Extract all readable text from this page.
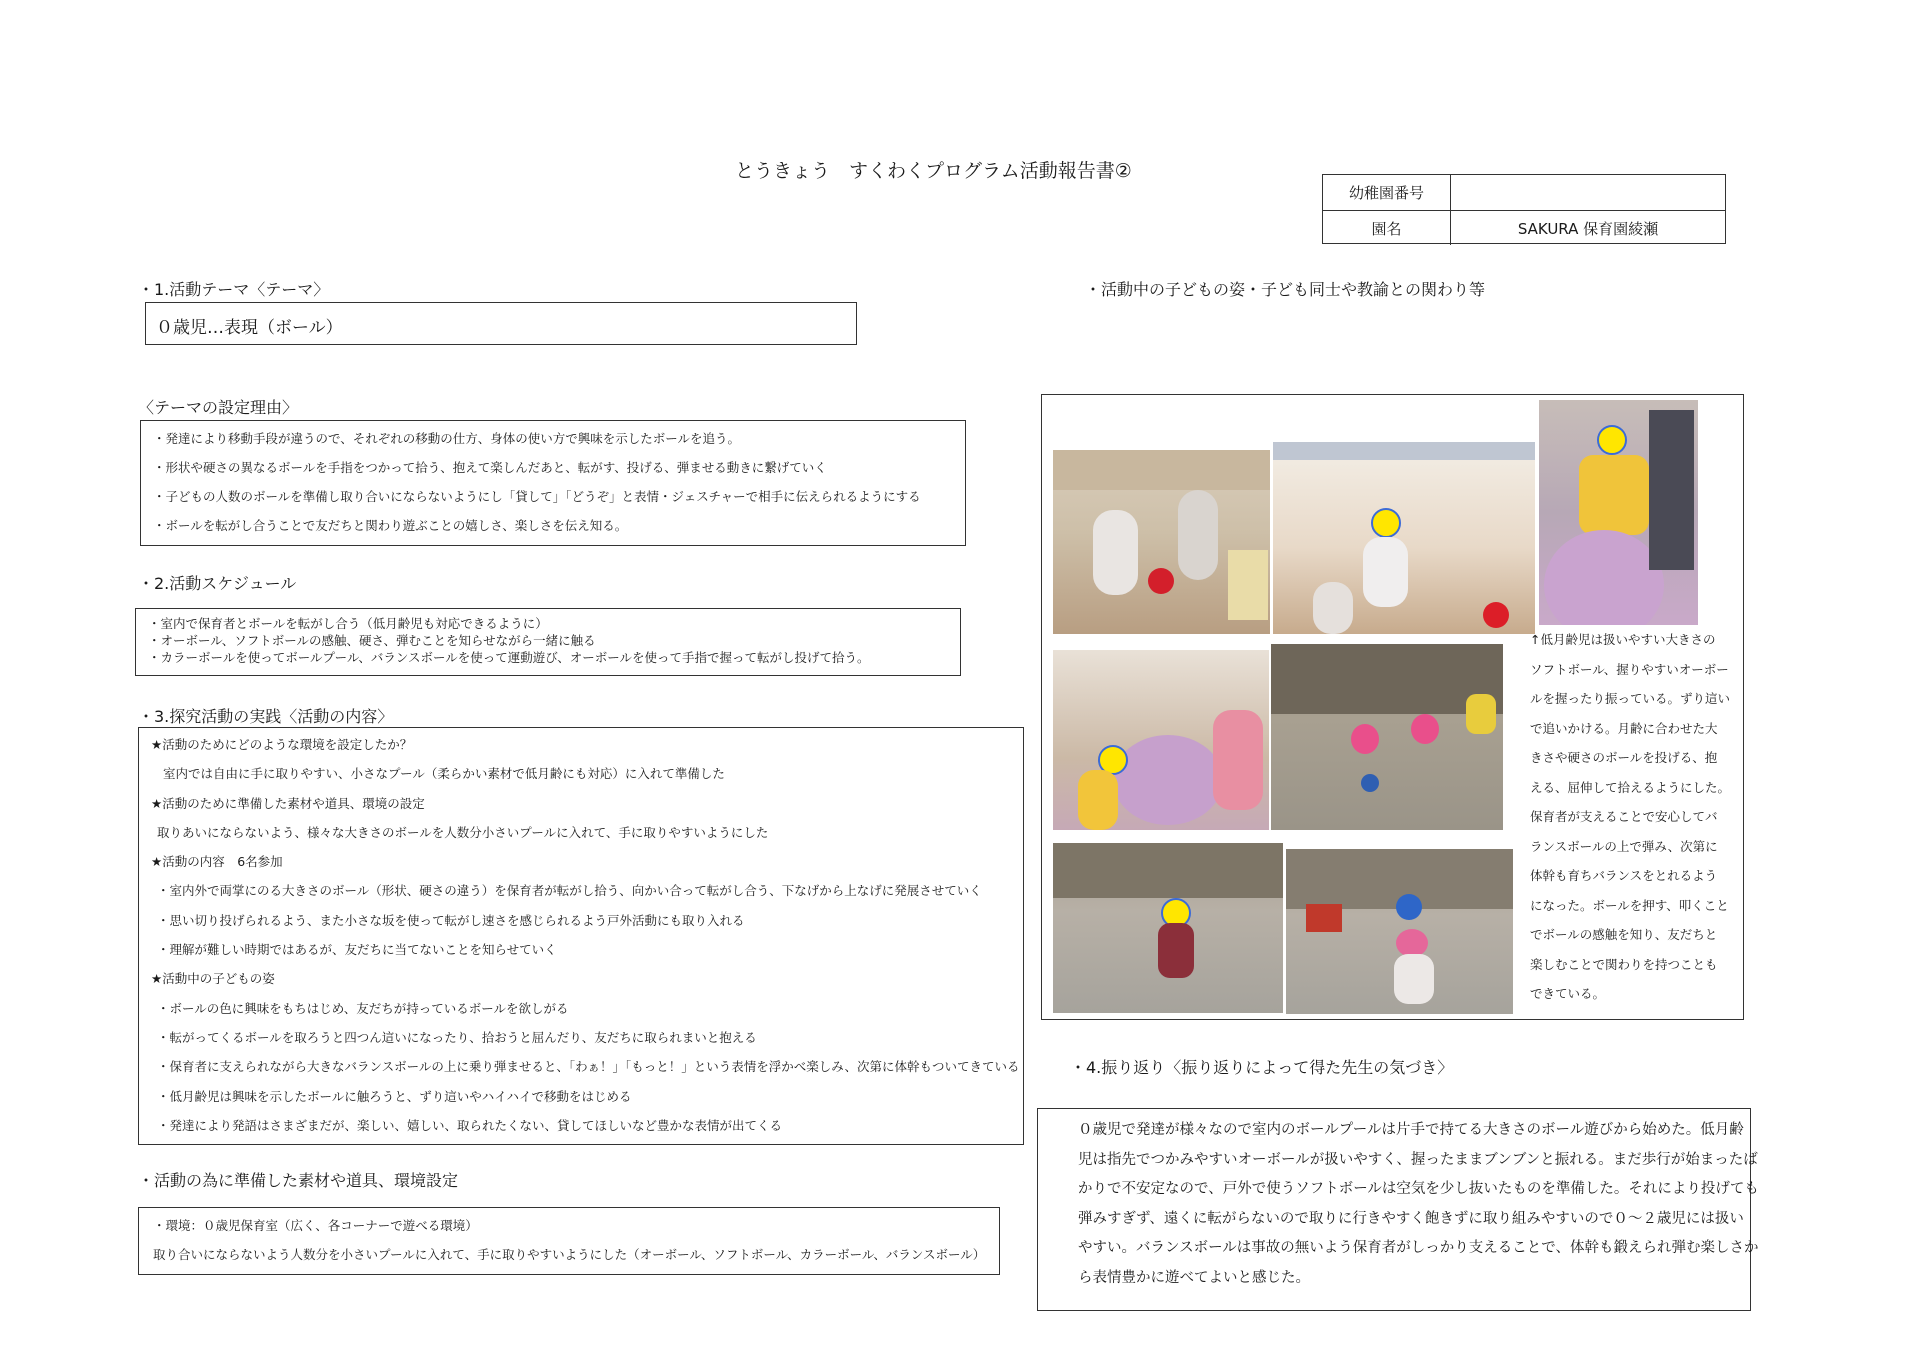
とうきょう　すくわくプログラム活動報告書②
幼稚園番号
園名	SAKURA 保育園綾瀬
・1.活動テーマ〈テーマ〉
０歳児…表現（ボール）
〈テーマの設定理由〉
・発達により移動手段が違うので、それぞれの移動の仕方、身体の使い方で興味を示したボールを追う。
・形状や硬さの異なるボールを手指をつかって拾う、抱えて楽しんだあと、転がす、投げる、弾ませる動きに繋げていく
・子どもの人数のボールを準備し取り合いにならないようにし「貸して」「どうぞ」と表情・ジェスチャーで相手に伝えられるようにする
・ボールを転がし合うことで友だちと関わり遊ぶことの嬉しさ、楽しさを伝え知る。
・2.活動スケジュール
・室内で保育者とボールを転がし合う（低月齢児も対応できるように）
・オーボール、ソフトボールの感触、硬さ、弾むことを知らせながら一緒に触る
・カラーボールを使ってボールプール、バランスボールを使って運動遊び、オーボールを使って手指で握って転がし投げて拾う。
・3.探究活動の実践〈活動の内容〉
★活動のためにどのような環境を設定したか？
室内では自由に手に取りやすい、小さなプール（柔らかい素材で低月齢にも対応）に入れて準備した
★活動のために準備した素材や道具、環境の設定
取りあいにならないよう、様々な大きさのボールを人数分小さいプールに入れて、手に取りやすいようにした
★活動の内容　6名参加
・室内外で両掌にのる大きさのボール（形状、硬さの違う）を保育者が転がし拾う、向かい合って転がし合う、下なげから上なげに発展させていく
・思い切り投げられるよう、また小さな坂を使って転がし速さを感じられるよう戸外活動にも取り入れる
・理解が難しい時期ではあるが、友だちに当てないことを知らせていく
★活動中の子どもの姿
・ボールの色に興味をもちはじめ、友だちが持っているボールを欲しがる
・転がってくるボールを取ろうと四つん這いになったり、拾おうと屈んだり、友だちに取られまいと抱える
・保育者に支えられながら大きなバランスボールの上に乗り弾ませると、「わぁ！」「もっと！」という表情を浮かべ楽しみ、次第に体幹もついてきている
・低月齢児は興味を示したボールに触ろうと、ずり這いやハイハイで移動をはじめる
・発達により発語はさまざまだが、楽しい、嬉しい、取られたくない、貸してほしいなど豊かな表情が出てくる
・活動の為に準備した素材や道具、環境設定
・環境：０歳児保育室（広く、各コーナーで遊べる環境）
取り合いにならないよう人数分を小さいプールに入れて、手に取りやすいようにした（オーボール、ソフトボール、カラーボール、バランスボール）
・活動中の子どもの姿・子ども同士や教諭との関わり等
↑低月齢児は扱いやすい大きさの
ソフトボール、握りやすいオーボー
ルを握ったり振っている。ずり這い
で追いかける。月齢に合わせた大
きさや硬さのボールを投げる、抱
える、屈伸して拾えるようにした。
保育者が支えることで安心してバ
ランスボールの上で弾み、次第に
体幹も育ちバランスをとれるよう
になった。ボールを押す、叩くこと
でボールの感触を知り、友だちと
楽しむことで関わりを持つことも
できている。
・4.振り返り〈振り返りによって得た先生の気づき〉
０歳児で発達が様々なので室内のボールプールは片手で持てる大きさのボール遊びから始めた。低月齢
児は指先でつかみやすいオーボールが扱いやすく、握ったままブンブンと振れる。まだ歩行が始まったば
かりで不安定なので、戸外で使うソフトボールは空気を少し抜いたものを準備した。それにより投げても
弾みすぎず、遠くに転がらないので取りに行きやすく飽きずに取り組みやすいので０～２歳児には扱い
やすい。バランスボールは事故の無いよう保育者がしっかり支えることで、体幹も鍛えられ弾む楽しさか
ら表情豊かに遊べてよいと感じた。
